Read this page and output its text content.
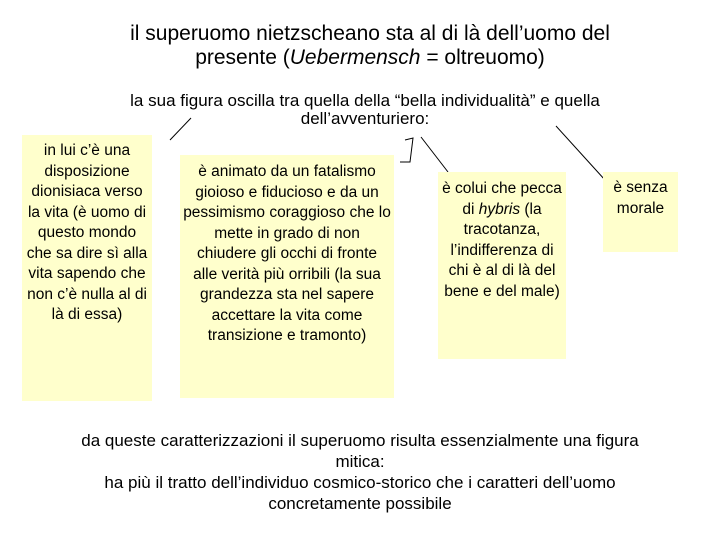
il superuomo nietzscheano sta al di là dell’uomo del
presente (Uebermensch = oltreuomo)
la sua figura oscilla tra quella della “bella individualità” e quella
dell’avventuriero:
in lui c’è una disposizione dionisiaca verso la vita (è uomo di questo mondo che sa dire sì alla vita sapendo che non c’è nulla al di là di essa)
è animato da un fatalismo gioioso e fiducioso e da un pessimismo coraggioso che lo mette in grado di non chiudere gli occhi di fronte alle verità più orribili (la sua grandezza sta nel sapere accettare la vita come transizione e tramonto)
è colui che pecca di hybris (la tracotanza, l’indifferenza di chi è al di là del bene e del male)
è senza morale
da queste caratterizzazioni il superuomo risulta essenzialmente una figura
mitica:
ha più il tratto dell’individuo cosmico-storico che i caratteri dell’uomo
concretamente possibile
